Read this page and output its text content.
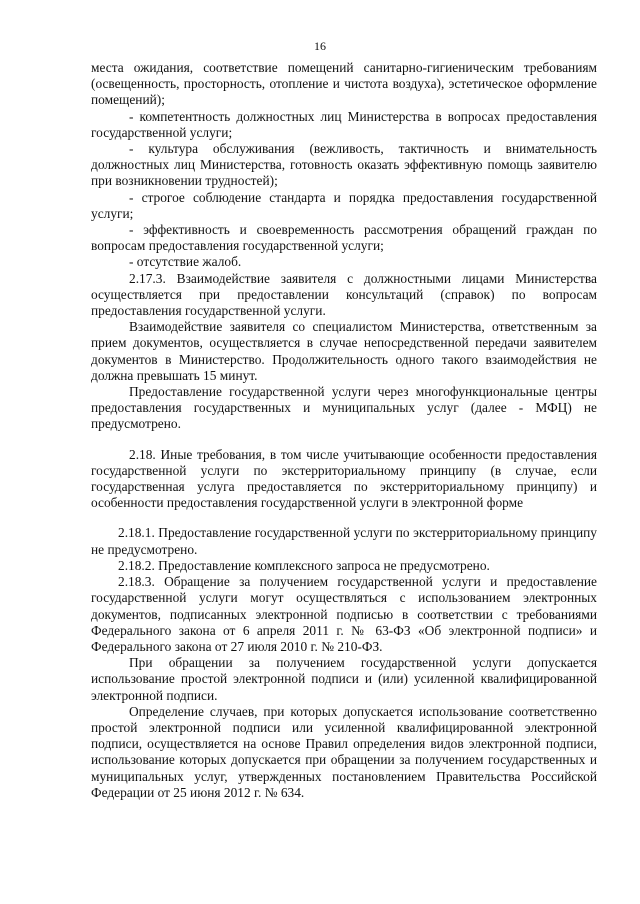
16

места ожидания, соответствие помещений санитарно-гигиеническим требованиям (освещенность, просторность, отопление и чистота воздуха), эстетическое оформление помещений);

- компетентность должностных лиц Министерства в вопросах предоставления государственной услуги;

- культура обслуживания (вежливость, тактичность и внимательность должностных лиц Министерства, готовность оказать эффективную помощь заявителю при возникновении трудностей);

- строгое соблюдение стандарта и порядка предоставления государственной услуги;

- эффективность и своевременность рассмотрения обращений граждан по вопросам предоставления государственной услуги;

- отсутствие жалоб.

2.17.3. Взаимодействие заявителя с должностными лицами Министерства осуществляется при предоставлении консультаций (справок) по вопросам предоставления государственной услуги.

Взаимодействие заявителя со специалистом Министерства, ответственным за прием документов, осуществляется в случае непосредственной передачи заявителем документов в Министерство. Продолжительность одного такого взаимодействия не должна превышать 15 минут.

Предоставление государственной услуги через многофункциональные центры предоставления государственных и муниципальных услуг (далее - МФЦ) не предусмотрено.

2.18. Иные требования, в том числе учитывающие особенности предоставления государственной услуги по экстерриториальному принципу (в случае, если государственная услуга предоставляется по экстерриториальному принципу) и особенности предоставления государственной услуги в электронной форме

2.18.1. Предоставление государственной услуги по экстерриториальному принципу не предусмотрено.

2.18.2. Предоставление комплексного запроса не предусмотрено.

2.18.3. Обращение за получением государственной услуги и предоставление государственной услуги могут осуществляться с использованием электронных документов, подписанных электронной подписью в соответствии с требованиями Федерального закона от 6 апреля 2011 г. № 63-ФЗ «Об электронной подписи» и Федерального закона от 27 июля 2010 г. № 210-ФЗ.

При обращении за получением государственной услуги допускается использование простой электронной подписи и (или) усиленной квалифицированной электронной подписи.

Определение случаев, при которых допускается использование соответственно простой электронной подписи или усиленной квалифицированной электронной подписи, осуществляется на основе Правил определения видов электронной подписи, использование которых допускается при обращении за получением государственных и муниципальных услуг, утвержденных постановлением Правительства Российской Федерации от 25 июня 2012 г. № 634.
